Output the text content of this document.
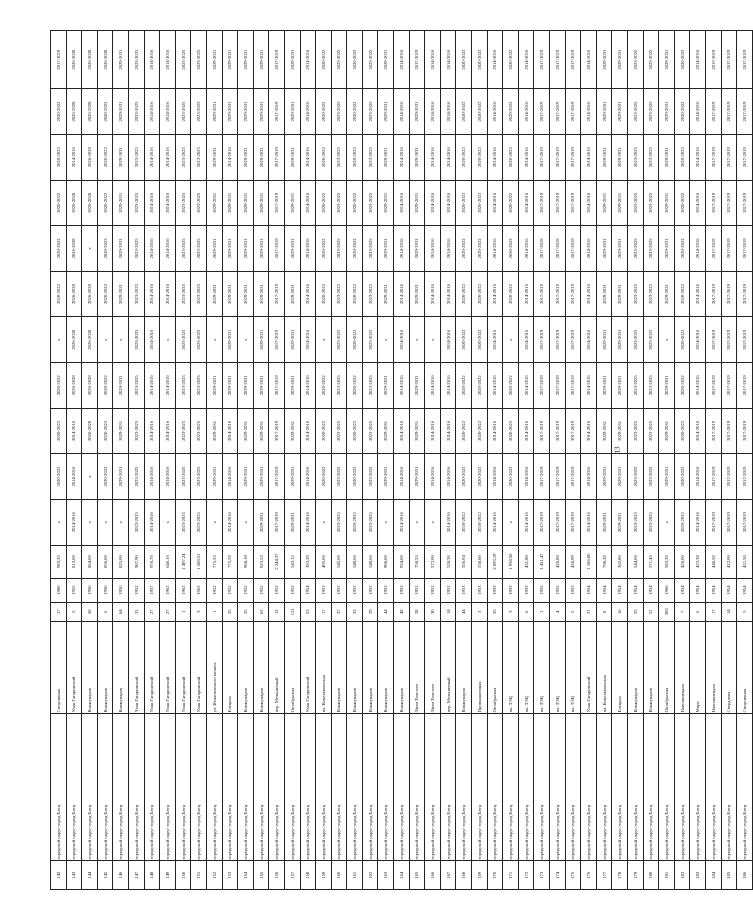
142	городской округ город Елец	Спортивная	17	1980	983,35	x	2020-2022	2020-2022	2020-2022	x	2020-2022	2020-2022	2020-2022	2020-2022	2020-2022	2017-2019
143	городской округ город Елец	Улан Гагаринский	5	1955	813,00	2014-2016	2014-2016	2014-2016	2026-2028	2026-2028	2026-2028	2026-2028	2026-2028	2014-2016	2026-2028	2026-2028
144	городской округ город Елец	Коммунаров	58	1950	864,00	x	x	2026-2028	2026-2028	2026-2028	2026-2028	x	2026-2028	2026-2028	2026-2028	2026-2028
145	городской округ город Елец	Коммунаров	6	1950	856,00	x	2020-2022	2020-2022	2020-2022	x	2020-2022	2020-2022	2020-2022	2020-2022	2020-2022	2026-2028
146	городской округ город Елец	Коммунаров	64	1950	825,00	x	2029-2031	2029-2031	2029-2031	x	2029-2031	2029-2031	2029-2031	2029-2031	2029-2031	2029-2031
147	городской округ город Елец	Улан Гагаринский	31	1952	907,90	2023-2025	2023-2025	2023-2025	2023-2025	2023-2025	2023-2025	2023-2025	2023-2025	2023-2025	2023-2025	2023-2025
148	городской округ город Елец	Улан Гагаринский	27	1957	976,70	2014-2016	2014-2016	2014-2016	2014-2016	2014-2016	2014-2016	2014-2016	2014-2016	2014-2016	2014-2016	2014-2016
149	городской округ город Елец	Улан Гагаринский	27	1962	646,10	x	2014-2016	2014-2016	2014-2016	x	2014-2016	2014-2016	2014-2016	2014-2016	2014-2016	2014-2016
150	городской округ город Елец	Улан Гагаринский	1	1962	1 497,24	2023-2025	2023-2025	2023-2025	2023-2025	2023-2025	2023-2025	2023-2025	2023-2025	2023-2025	2023-2025	2023-2025
151	городской округ город Елец	Улан Гагаринский	3	1962	1 580,51	2023-2025	2023-2025	2023-2025	2023-2025	2023-2025	2023-2025	2023-2025	2023-2025	2023-2025	2023-2025	2023-2025
152	городской округ город Елец	ул. Игнатьевского мелиса	1	1952	775,53	x	2029-2031	2029-2031	2029-2031	x	2029-2031	2029-2031	2029-2031	2029-2031	2029-2031	2029-2031
153	городской округ город Елец	Елецкая	25	1952	775,59	2014-2016	2014-2016	2014-2016	2029-2031	2029-2031	2029-2031	2029-2031	2029-2031	2014-2016	2029-2031	2029-2031
154	городской округ город Елец	Коммунаров	25	1952	968,18	x	2029-2031	2029-2031	2029-2031	x	2029-2031	2029-2031	2029-2031	2029-2031	2029-2031	2029-2031
155	городской округ город Елец	Коммунаров	62	1952	923,52	2029-2031	2029-2031	2029-2031	2029-2031	2029-2031	2029-2031	2029-2031	2029-2031	2029-2031	2029-2031	2029-2031
156	городской округ город Елец	пер. Мельничный	12	1952	2 244,37	2017-2019	2017-2019	2017-2019	2017-2019	2017-2019	2017-2019	2017-2019	2017-2019	2017-2019	2017-2019	2017-2019
157	городской округ город Елец	Октябрьская	121	1952	543,12	2029-2031	2029-2031	2029-2031	2029-2031	2029-2031	2029-2031	2029-2031	2029-2031	2029-2031	2029-2031	2029-2031
158	городской округ город Елец	Улан Гагаринский	53	1954	383,20	2014-2016	2014-2016	2014-2016	2014-2016	2014-2016	2014-2016	2014-2016	2014-2016	2014-2016	2014-2016	2014-2016
159	городской округ город Елец	пл. Комсомольская	17	1953	495,00	x	2020-2022	2020-2022	2020-2022	x	2020-2022	2020-2022	2020-2022	2020-2022	2020-2022	2020-2022
160	городской округ город Елец	Коммунаров	37	1953	545,60	2023-2025	2023-2025	2023-2025	2023-2025	2023-2025	2023-2025	2023-2025	2023-2025	2023-2025	2023-2025	2023-2025
161	городской округ город Елец	Коммунаров	33	1953	548,66	2020-2022	2020-2022	2020-2022	2020-2022	2020-2022	2020-2022	2020-2022	2020-2022	2020-2022	2020-2022	2020-2022
162	городской округ город Елец	Коммунаров	29	1953	548,66	2023-2025	2023-2025	2023-2025	2023-2025	2023-2025	2023-2025	2023-2025	2023-2025	2023-2025	2023-2025	2023-2025
163	городской округ город Елец	Коммунаров	44	1953	986,00	x	2029-2031	2029-2031	2029-2031	x	2029-2031	2029-2031	2029-2031	2029-2031	2029-2031	2029-2031
164	городской округ город Елец	Коммунаров	48	1953	934,00	2014-2016	2014-2016	2014-2016	2014-2016	2014-2016	2014-2016	2014-2016	2014-2016	2014-2016	2014-2016	2014-2016
165	городской округ город Елец	Лили Толстого	28	1953	758,55	x	2029-2031	2029-2031	2029-2031	x	2029-2031	2029-2031	2029-2031	2029-2031	2029-2031	2017-2019
166	городской округ город Елец	Лили Толстого	30	1953	572,00	x	2014-2016	2014-2016	2014-2016	x	2014-2016	2014-2016	2014-2016	2014-2016	2014-2016	2014-2016
167	городской округ город Елец	пер. Мельничный	14	1953	528,30	2014-2016	2014-2016	2014-2016	2014-2016	2014-2016	2014-2016	2014-2016	2014-2016	2014-2016	2014-2016	2014-2016
168	городской округ город Елец	Коммунаров	44	1953	556,94	2020-2022	2020-2022	2020-2022	2020-2022	2020-2022	2020-2022	2020-2022	2020-2022	2020-2022	2020-2022	2020-2022
169	городской округ город Елец	Промышленная	3	1953	538,00	2020-2022	2020-2022	2020-2022	2020-2022	2020-2022	2020-2022	2020-2022	2020-2022	2020-2022	2020-2022	2020-2022
170	городской округ город Елец	Октябрьская	35	1953	2 093,19	2014-2016	2014-2016	2014-2016	2014-2016	2014-2016	2014-2016	2014-2016	2014-2016	2014-2016	2014-2016	2014-2016
171	городской округ город Елец	пл. ТЭЦ	3	1953	1 938,50	x	2020-2022	2020-2022	2020-2022	x	2020-2022	2020-2022	2020-2022	2020-2022	2020-2022	2020-2022
172	городской округ город Елец	пл. ТЭЦ	6	1953	431,80	2014-2016	2014-2016	2014-2016	2014-2016	2014-2016	2014-2016	2014-2016	2014-2016	2014-2016	2014-2016	2014-2016
173	городской округ город Елец	пл. ТЭЦ	1	1953	1 431,47	2017-2019	2017-2019	2017-2019	2017-2019	2017-2019	2017-2019	2017-2019	2017-2019	2017-2019	2017-2019	2017-2019
174	городской округ город Елец	пл. ТЭЦ	4	1953	420,80	2017-2019	2017-2019	2017-2019	2017-2019	2017-2019	2017-2019	2017-2019	2017-2019	2017-2019	2017-2019	2017-2019
175	городской округ город Елец	пл. ТЭЦ	5	1953	428,99	2017-2019	2017-2019	2017-2019	2017-2019	2017-2019	2017-2019	2017-2019	2017-2019	2017-2019	2017-2019	2017-2019
176	городской округ город Елец	Улан Гагаринский	21	1954	1 186,00	2014-2016	2014-2016	2014-2016	2014-2016	2014-2016	2014-2016	2014-2016	2014-2016	2014-2016	2014-2016	2014-2016
177	городской округ город Елец	пл. Комсомольская	8	1954	798,20	2029-2031	2029-2031	2029-2031	2029-2031	2029-2031	2029-2031	2029-2031	2029-2031	2029-2031	2029-2031	2029-2031
178	городской округ город Елец	Елецкая	16	1954	362,80	2029-2031	2029-2031	2029-2031	2029-2031	2029-2031	2029-2031	2029-2031	2029-2031	2029-2031	2029-2031	2029-2031
179	городской округ город Елец	Коммунаров	23	1954	544,00	2023-2025	2023-2025	2023-2025	2023-2025	2023-2025	2023-2025	2023-2025	2023-2025	2023-2025	2023-2025	2023-2025
180	городской округ город Елец	Коммунаров	51	1954	571,45	2023-2025	2023-2025	2023-2025	2023-2025	2023-2025	2023-2025	2023-2025	2023-2025	2023-2025	2023-2025	2023-2025
181	городской округ город Елец	Октябрьская	383	1960	583,20	x	2029-2031	2029-2031	2029-2031	x	2029-2031	2029-2031	2029-2031	2029-2031	2029-2031	2029-2031
182	городской округ город Елец	Новолипецкая	7	1954	426,00	2020-2022	2020-2022	2020-2022	2020-2022	2020-2022	2020-2022	2020-2022	2020-2022	2020-2022	2020-2022	2020-2022
183	городской округ город Елец	Мира	6	1954	423,38	2014-2016	2014-2016	2014-2016	2014-2016	2014-2016	2014-2016	2014-2016	2014-2016	2014-2016	2014-2016	2014-2016
184	городской округ город Елец	Новолипецкая	17	1954	446,50	2017-2019	2017-2019	2017-2019	2017-2019	2017-2019	2017-2019	2017-2019	2017-2019	2017-2019	2017-2019	2017-2019
185	городской округ город Елец	Свердлова	14	1954	422,00	2017-2019	2017-2019	2017-2019	2017-2019	2017-2019	2017-2019	2017-2019	2017-2019	2017-2019	2017-2019	2017-2019
186	городской округ город Елец	Спортивная	5	1954	421,50	2017-2019	2017-2019	2017-2019	2017-2019	2017-2019	2017-2019	2017-2019	2017-2019	2017-2019	2017-2019	2017-2019
13
